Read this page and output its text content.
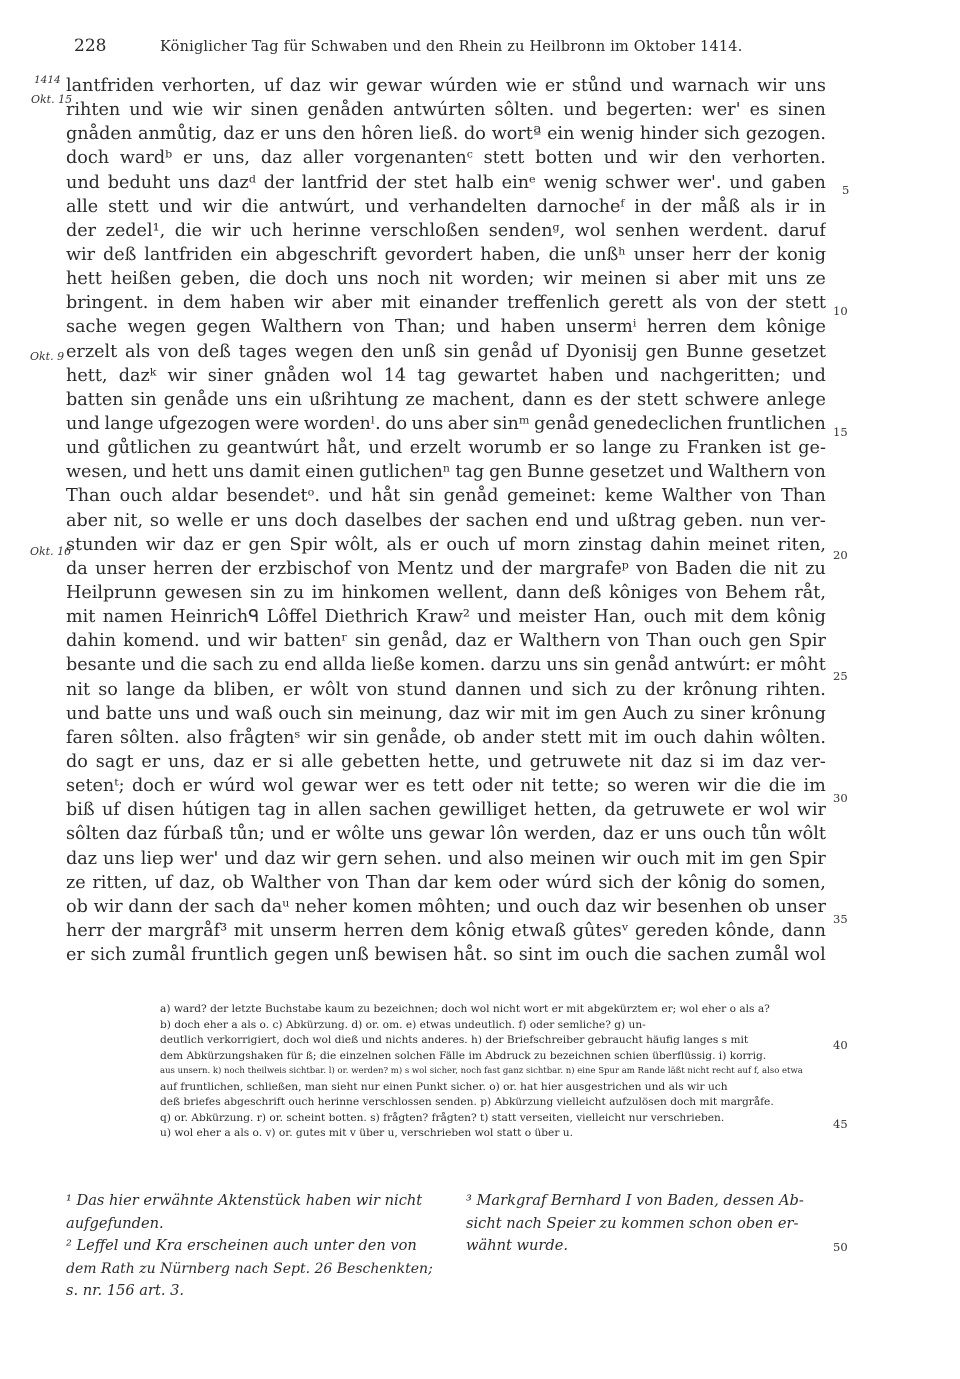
228	Königlicher Tag für Schwaben und den Rhein zu Heilbronn im Oktober 1414.
1414
Okt. 15
Okt. 9
Okt. 16
lantfriden verhorten, uf daz wir gewar wúrden wie er stůnd und warnach wir uns
rihten und wie wir sinen genåden antwúrten sôlten. und begerten: wer' es sinen
gnåden anmůtig, daz er uns den hôren ließ. do wortª ein wenig hinder sich gezogen.
doch wardᵇ er uns, daz aller vorgenantenᶜ stett botten und wir den verhorten.
und beduht uns dazᵈ der lantfrid der stet halb einᵉ wenig schwer wer'. und gaben
alle stett und wir die antwúrt, und verhandelten darnocheᶠ in der måß als ir in
der zedel¹, die wir uch herinne verschloßen sendenᵍ, wol senhen werdent. daruf
wir deß lantfriden ein abgeschrift gevordert haben, die unßʰ unser herr der konig
hett heißen geben, die doch uns noch nit worden; wir meinen si aber mit uns ze
bringent. in dem haben wir aber mit einander treffenlich gerett als von der stett
sache wegen gegen Walthern von Than; und haben unsermⁱ herren dem kônige
erzelt als von deß tages wegen den unß sin genåd uf Dyonisij gen Bunne gesetzet
hett, dazᵏ wir siner gnåden wol 14 tag gewartet haben und nachgeritten; und
batten sin genåde uns ein ußrihtung ze machent, dann es der stett schwere anlege
und lange ufgezogen were wordenˡ. do uns aber sinᵐ genåd genedeclichen fruntlichen
und gůtlichen zu geantwúrt håt, und erzelt worumb er so lange zu Franken ist ge-
wesen, und hett uns damit einen gutlichenⁿ tag gen Bunne gesetzet und Walthern von
Than ouch aldar besendetᵒ. und håt sin genåd gemeinet: keme Walther von Than
aber nit, so welle er uns doch daselbes der sachen end und ußtrag geben. nun ver-
stunden wir daz er gen Spir wôlt, als er ouch uf morn zinstag dahin meinet riten,
da unser herren der erzbischof von Mentz und der margrafeᵖ von Baden die nit zu
Heilprunn gewesen sin zu im hinkomen wellent, dann deß kôniges von Behem råt,
mit namen Heinrichᑫ Lôffel Diethrich Kraw² und meister Han, ouch mit dem kônig
dahin komend. und wir battenʳ sin genåd, daz er Walthern von Than ouch gen Spir
besante und die sach zu end allda ließe komen. darzu uns sin genåd antwúrt: er môht
nit so lange da bliben, er wôlt von stund dannen und sich zu der krônung rihten.
und batte uns und waß ouch sin meinung, daz wir mit im gen Auch zu siner krônung
faren sôlten. also frågtenˢ wir sin genåde, ob ander stett mit im ouch dahin wôlten.
do sagt er uns, daz er si alle gebetten hette, und getruwete nit daz si im daz ver-
setenᵗ; doch er wúrd wol gewar wer es tett oder nit tette; so weren wir die die im
biß uf disen hútigen tag in allen sachen gewilliget hetten, da getruwete er wol wir
sôlten daz fúrbaß tůn; und er wôlte uns gewar lôn werden, daz er uns ouch tůn wôlt
daz uns liep wer' und daz wir gern sehen. und also meinen wir ouch mit im gen Spir
ze ritten, uf daz, ob Walther von Than dar kem oder wúrd sich der kônig do somen,
ob wir dann der sach daᵘ neher komen môhten; und ouch daz wir besenhen ob unser
herr der margråf³ mit unserm herren dem kônig etwaß gûtesᵛ gereden kônde, dann
er sich zumål fruntlich gegen unß bewisen håt. so sint im ouch die sachen zumål wol
5
10
15
20
25
30
35
40
45
50
a) ward? der letzte Buchstabe kaum zu bezeichnen; doch wol nicht wort er mit abgekürztem er; wol eher o als a?
b) doch eher a als o. c) Abkürzung. d) or. om. e) etwas undeutlich. f) oder semliche? g) un-
deutlich verkorrigiert, doch wol dieß und nichts anderes. h) der Briefschreiber gebraucht häufig langes s mit
dem Abkürzungshaken für ß; die einzelnen solchen Fälle im Abdruck zu bezeichnen schien überflüssig. i) korrig.
aus unsern. k) noch theilweis sichtbar. l) or. werden? m) s wol sicher, noch fast ganz sichtbar. n) eine Spur am Rande läßt nicht recht auf f, also etwa
auf fruntlichen, schließen, man sieht nur einen Punkt sicher. o) or. hat hier ausgestrichen und als wir uch
deß briefes abgeschrift ouch herinne verschlossen senden. p) Abkürzung vielleicht aufzulösen doch mit margråfe.
q) or. Abkürzung. r) or. scheint botten. s) frågten? frågten? t) statt verseiten, vielleicht nur verschrieben.
u) wol eher a als o. v) or. gutes mit v über u, verschrieben wol statt o über u.
¹ Das hier erwähnte Aktenstück haben wir nicht
aufgefunden.
² Leffel und Kra erscheinen auch unter den von
dem Rath zu Nürnberg nach Sept. 26 Beschenkten;
s. nr. 156 art. 3.
³ Markgraf Bernhard I von Baden, dessen Ab-
sicht nach Speier zu kommen schon oben er-
wähnt wurde.
